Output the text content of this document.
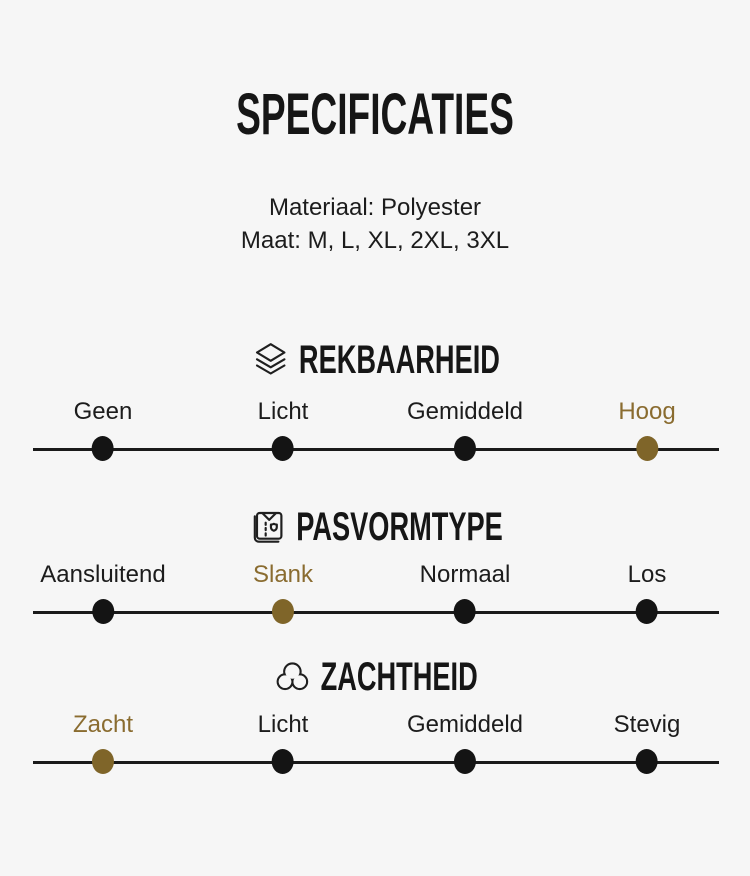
SPECIFICATIES
Materiaal: Polyester
Maat: M, L, XL, 2XL, 3XL
REKBAARHEID
Geen	Licht	Gemiddeld	Hoog
PASVORMTYPE
Aansluitend	Slank	Normaal	Los
ZACHTHEID
Zacht	Licht	Gemiddeld	Stevig
